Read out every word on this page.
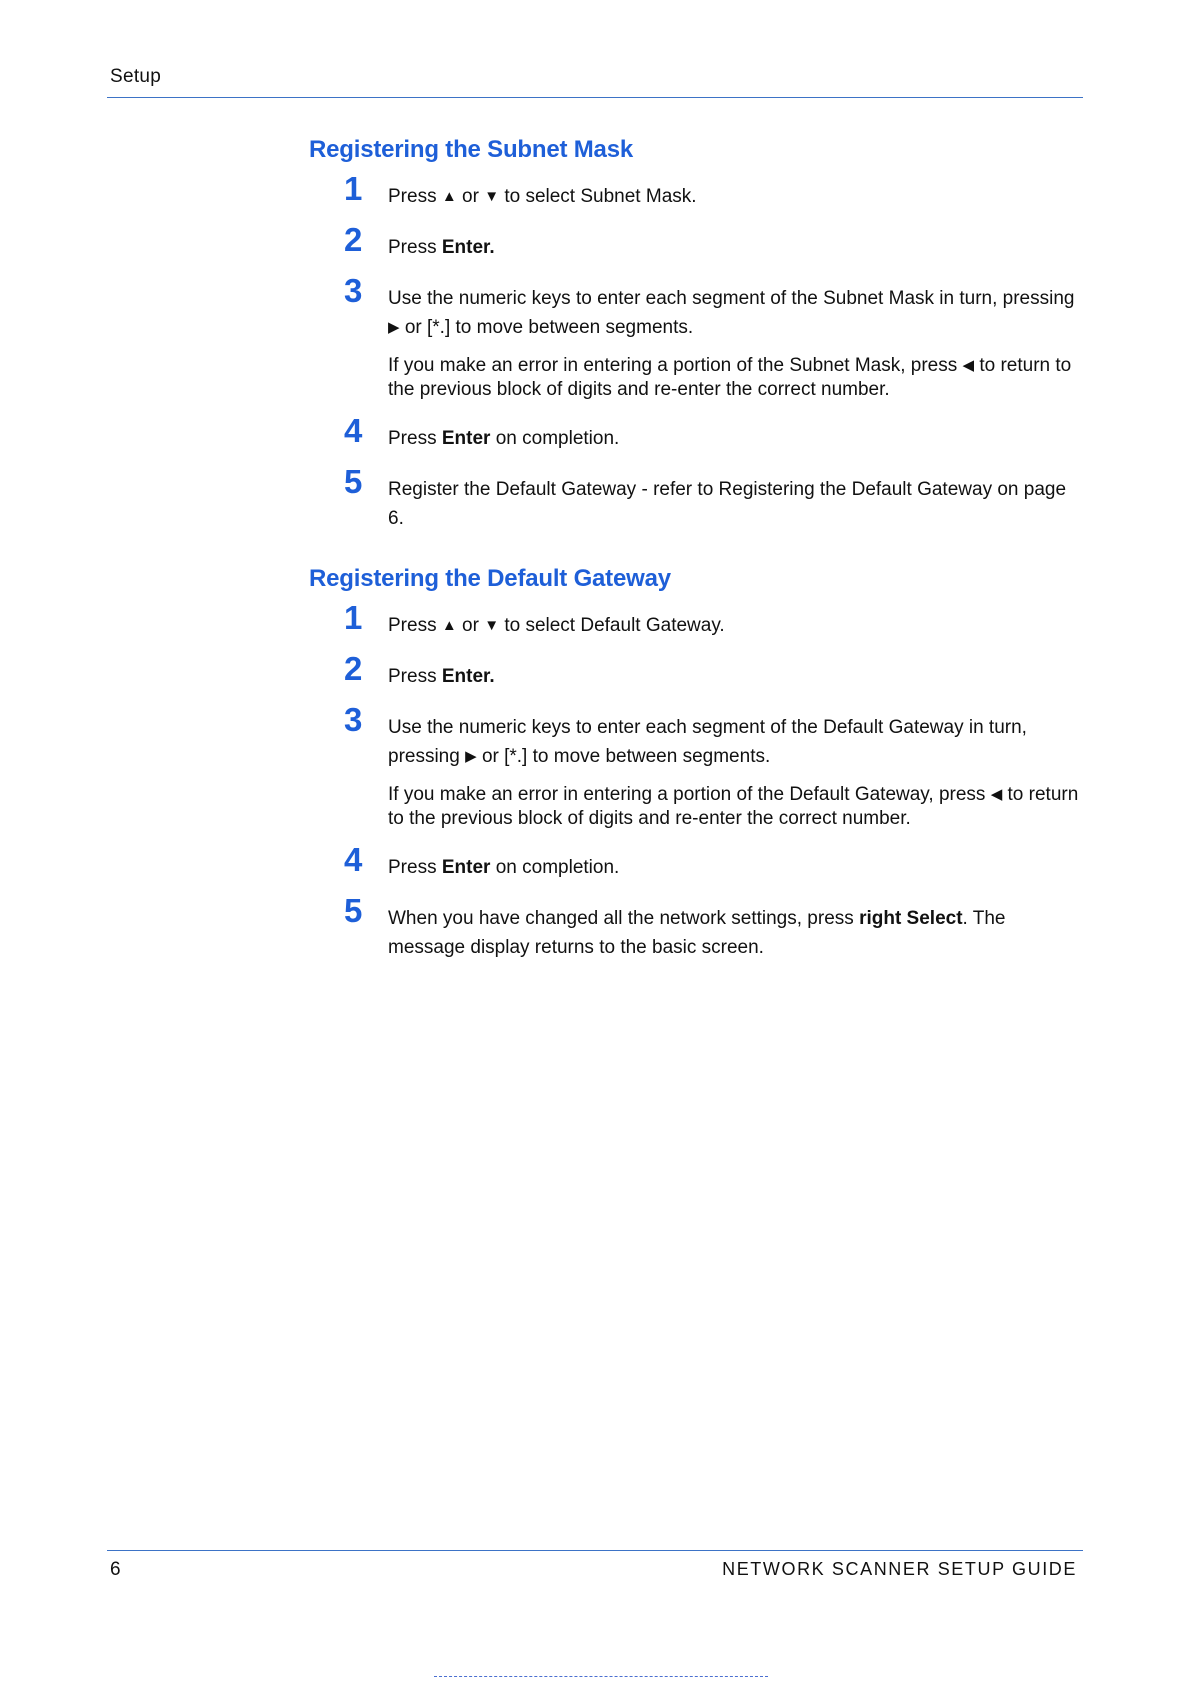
Setup
Registering the Subnet Mask
1 Press ▲ or ▼ to select Subnet Mask.

2 Press Enter.

3 Use the numeric keys to enter each segment of the Subnet Mask in turn, pressing ▶ or [*.] to move between segments.

If you make an error in entering a portion of the Subnet Mask, press ◀ to return to the previous block of digits and re-enter the correct number.

4 Press Enter on completion.

5 Register the Default Gateway - refer to Registering the Default Gateway on page 6.

Registering the Default Gateway
1 Press ▲ or ▼ to select Default Gateway.

2 Press Enter.

3 Use the numeric keys to enter each segment of the Default Gateway in turn, pressing ▶ or [*.] to move between segments.

If you make an error in entering a portion of the Default Gateway, press ◀ to return to the previous block of digits and re-enter the correct number.

4 Press Enter on completion.

5 When you have changed all the network settings, press right Select. The message display returns to the basic screen.

6	NETWORK SCANNER SETUP GUIDE
